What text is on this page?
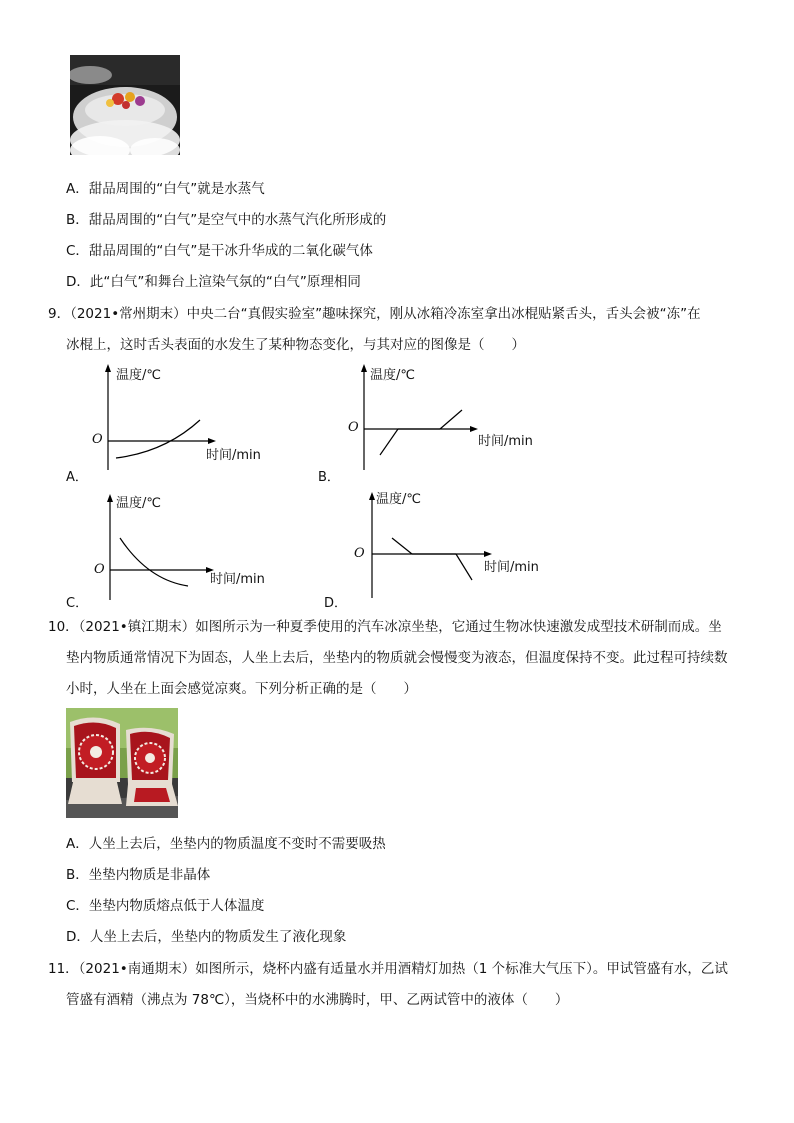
A．甜品周围的“白气”就是水蒸气
B．甜品周围的“白气”是空气中的水蒸气汽化所形成的
C．甜品周围的“白气”是干冰升华成的二氧化碳气体
D．此“白气”和舞台上渲染气氛的“白气”原理相同
9．（2021•常州期末）中央二台“真假实验室”趣味探究，刚从冰箱冷冻室拿出冰棍贴紧舌头，舌头会被“冻”在
冰棍上，这时舌头表面的水发生了某种物态变化，与其对应的图像是（　　）
温度/℃
时间/min
O
A．
温度/℃
时间/min
O
B．
温度/℃
时间/min
O
C．
温度/℃
时间/min
O
D．
10．（2021•镇江期末）如图所示为一种夏季使用的汽车冰凉坐垫，它通过生物冰快速激发成型技术研制而成。坐
垫内物质通常情况下为固态，人坐上去后，坐垫内的物质就会慢慢变为液态，但温度保持不变。此过程可持续数
小时，人坐在上面会感觉凉爽。下列分析正确的是（　　）
A．人坐上去后，坐垫内的物质温度不变时不需要吸热
B．坐垫内物质是非晶体
C．坐垫内物质熔点低于人体温度
D．人坐上去后，坐垫内的物质发生了液化现象
11．（2021•南通期末）如图所示，烧杯内盛有适量水并用酒精灯加热（1 个标准大气压下）。甲试管盛有水，乙试
管盛有酒精（沸点为 78℃），当烧杯中的水沸腾时，甲、乙两试管中的液体（　　）
